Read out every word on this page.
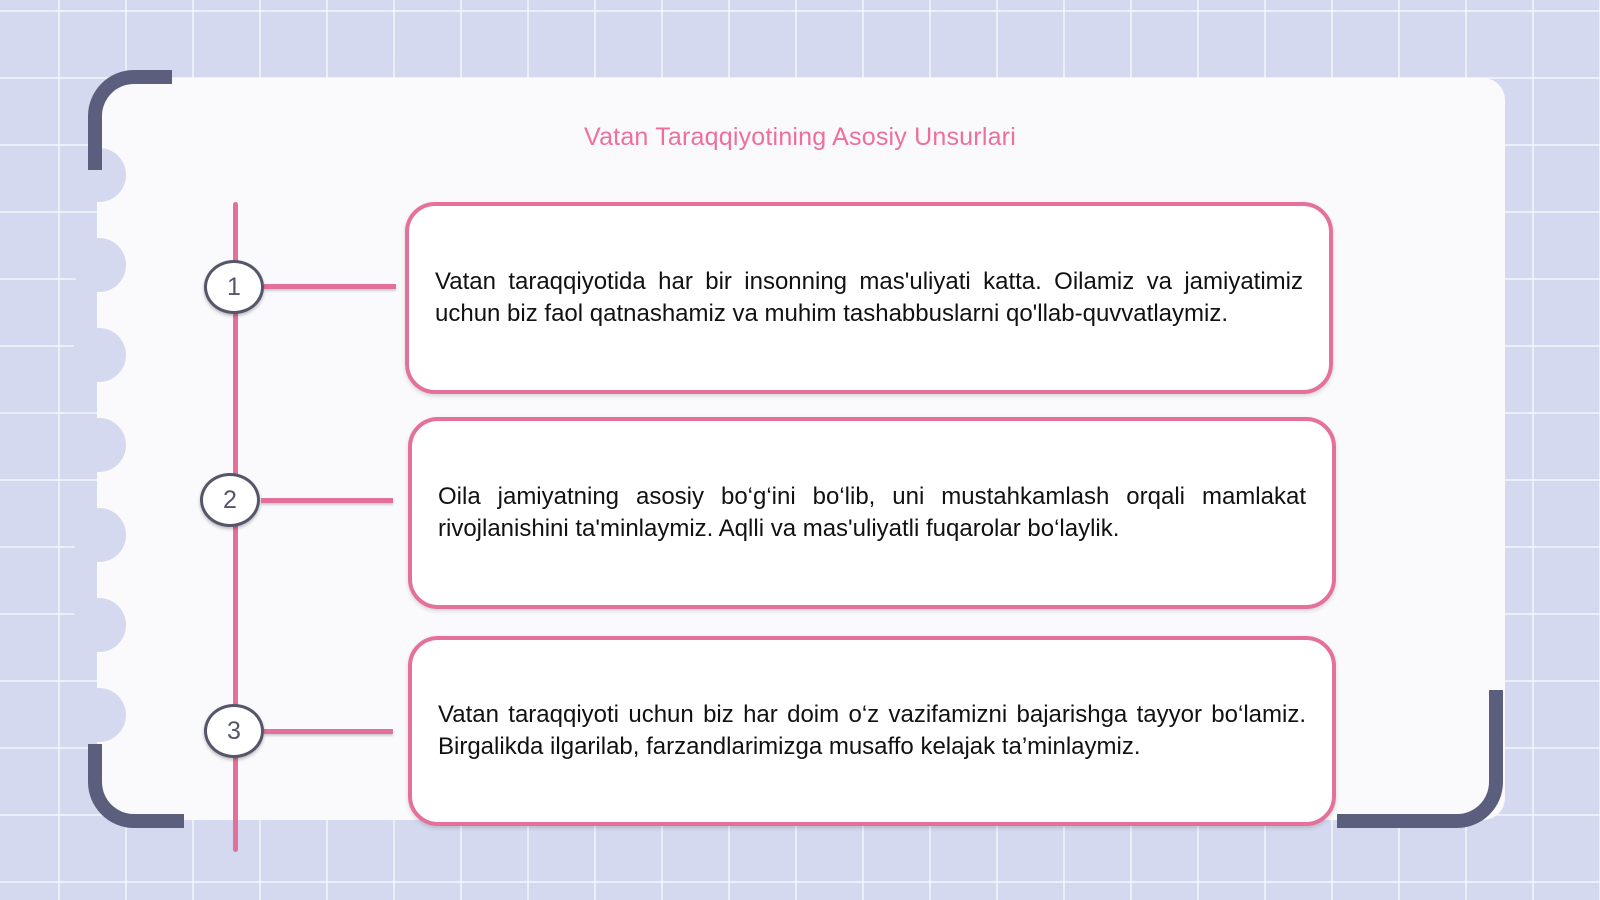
Vatan Taraqqiyotining Asosiy Unsurlari
1	Vatan taraqqiyotida har bir insonning mas'uliyati katta. Oilamiz va jamiyatimiz uchun biz faol qatnashamiz va muhim tashabbuslarni qo'llab-quvvatlaymiz.
2	Oila jamiyatning asosiy bo‘g‘ini bo‘lib, uni mustahkamlash orqali mamlakat rivojlanishini ta'minlaymiz. Aqlli va mas'uliyatli fuqarolar bo‘laylik.
3
Vatan taraqqiyoti uchun biz har doim o‘z vazifamizni bajarishga tayyor bo‘lamiz. Birgalikda ilgarilab, farzandlarimizga musaffo kelajak ta’minlaymiz.
